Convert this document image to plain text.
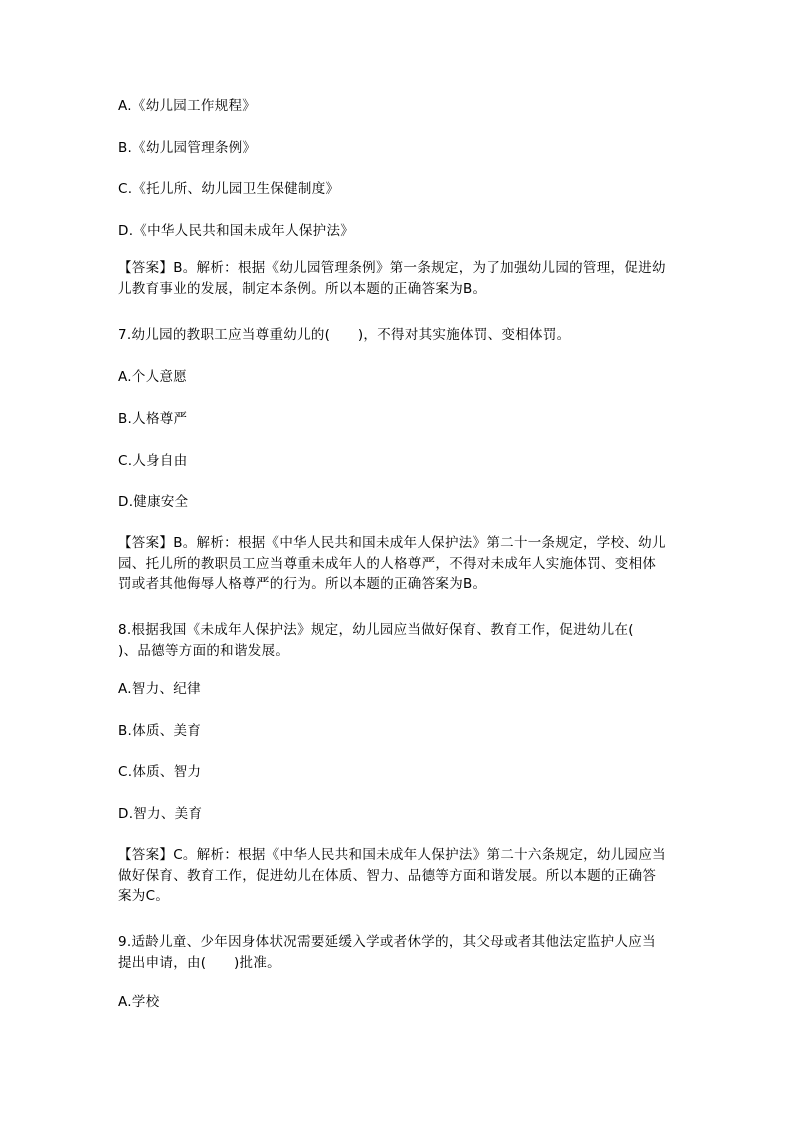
A.《幼儿园工作规程》
B.《幼儿园管理条例》
C.《托儿所、幼儿园卫生保健制度》
D.《中华人民共和国未成年人保护法》
【答案】B。解析：根据《幼儿园管理条例》第一条规定，为了加强幼儿园的管理，促进幼
儿教育事业的发展，制定本条例。所以本题的正确答案为B。
7.幼儿园的教职工应当尊重幼儿的(　　)，不得对其实施体罚、变相体罚。
A.个人意愿
B.人格尊严
C.人身自由
D.健康安全
【答案】B。解析：根据《中华人民共和国未成年人保护法》第二十一条规定，学校、幼儿
园、托儿所的教职员工应当尊重未成年人的人格尊严，不得对未成年人实施体罚、变相体
罚或者其他侮辱人格尊严的行为。所以本题的正确答案为B。
8.根据我国《未成年人保护法》规定，幼儿园应当做好保育、教育工作，促进幼儿在(
)、品德等方面的和谐发展。
A.智力、纪律
B.体质、美育
C.体质、智力
D.智力、美育
【答案】C。解析：根据《中华人民共和国未成年人保护法》第二十六条规定，幼儿园应当
做好保育、教育工作，促进幼儿在体质、智力、品德等方面和谐发展。所以本题的正确答
案为C。
9.适龄儿童、少年因身体状况需要延缓入学或者休学的，其父母或者其他法定监护人应当
提出申请，由(　　)批准。
A.学校
